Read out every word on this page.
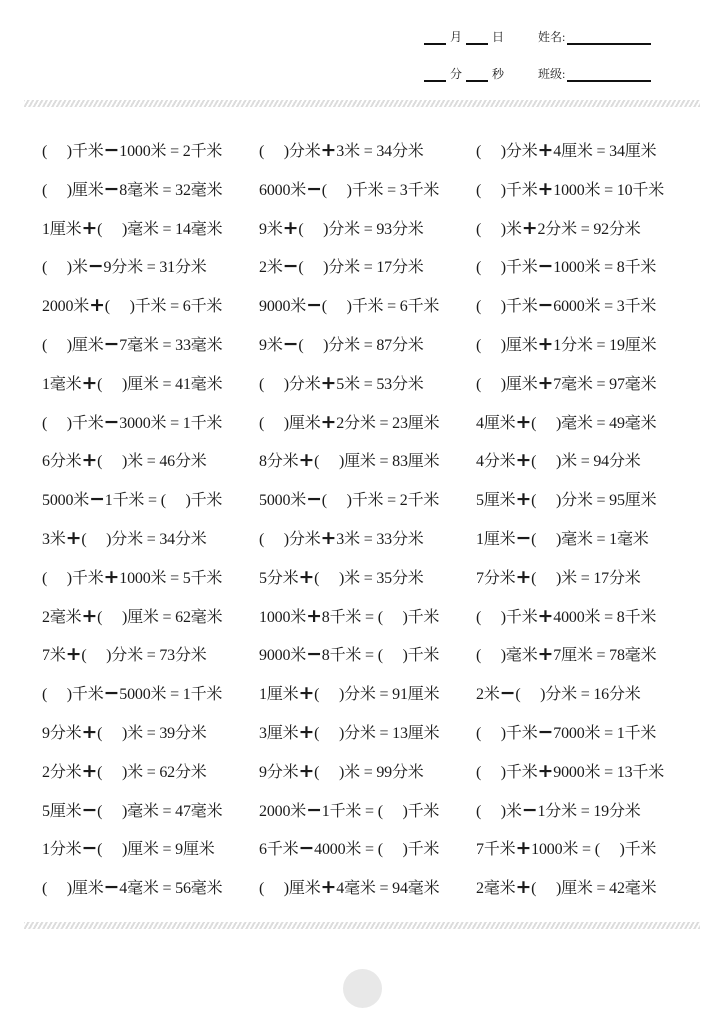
月	日	姓名:
分	秒	班级:
(　 )千米−1000米 = 2千米	(　 )分米+3米 = 34分米	(　 )分米+4厘米 = 34厘米
(　 )厘米−8毫米 = 32毫米	6000米−(　 )千米 = 3千米	(　 )千米+1000米 = 10千米
1厘米+(　 )毫米 = 14毫米	9米+(　 )分米 = 93分米	(　 )米+2分米 = 92分米
(　 )米−9分米 = 31分米	2米−(　 )分米 = 17分米	(　 )千米−1000米 = 8千米
2000米+(　 )千米 = 6千米	9000米−(　 )千米 = 6千米	(　 )千米−6000米 = 3千米
(　 )厘米−7毫米 = 33毫米	9米−(　 )分米 = 87分米	(　 )厘米+1分米 = 19厘米
1毫米+(　 )厘米 = 41毫米	(　 )分米+5米 = 53分米	(　 )厘米+7毫米 = 97毫米
(　 )千米−3000米 = 1千米	(　 )厘米+2分米 = 23厘米	4厘米+(　 )毫米 = 49毫米
6分米+(　 )米 = 46分米	8分米+(　 )厘米 = 83厘米	4分米+(　 )米 = 94分米
5000米−1千米 = (　 )千米	5000米−(　 )千米 = 2千米	5厘米+(　 )分米 = 95厘米
3米+(　 )分米 = 34分米	(　 )分米+3米 = 33分米	1厘米−(　 )毫米 = 1毫米
(　 )千米+1000米 = 5千米	5分米+(　 )米 = 35分米	7分米+(　 )米 = 17分米
2毫米+(　 )厘米 = 62毫米	1000米+8千米 = (　 )千米	(　 )千米+4000米 = 8千米
7米+(　 )分米 = 73分米	9000米−8千米 = (　 )千米	(　 )毫米+7厘米 = 78毫米
(　 )千米−5000米 = 1千米	1厘米+(　 )分米 = 91厘米	2米−(　 )分米 = 16分米
9分米+(　 )米 = 39分米	3厘米+(　 )分米 = 13厘米	(　 )千米−7000米 = 1千米
2分米+(　 )米 = 62分米	9分米+(　 )米 = 99分米	(　 )千米+9000米 = 13千米
5厘米−(　 )毫米 = 47毫米	2000米−1千米 = (　 )千米	(　 )米−1分米 = 19分米
1分米−(　 )厘米 = 9厘米	6千米−4000米 = (　 )千米	7千米+1000米 = (　 )千米
(　 )厘米−4毫米 = 56毫米	(　 )厘米+4毫米 = 94毫米	2毫米+(　 )厘米 = 42毫米
